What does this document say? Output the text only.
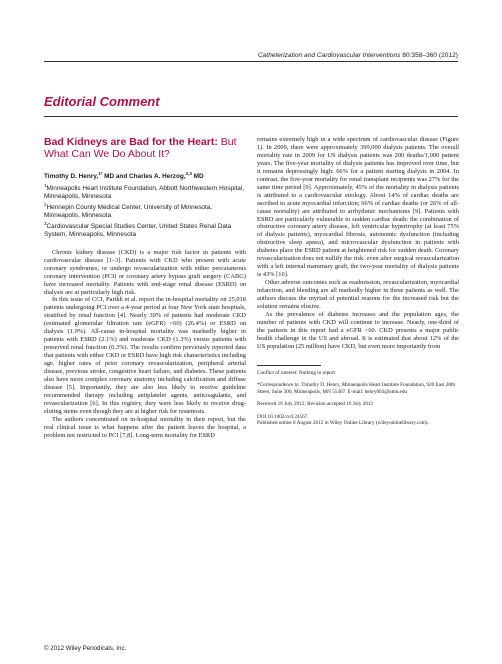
Catheterization and Cardiovascular Interventions 80:358–360 (2012)
Editorial Comment
Bad Kidneys are Bad for the Heart: But What Can We Do About It?
Timothy D. Henry,$^{1*}$ MD and Charles A. Herzog,$^{2,3}$ MD
$^1$Minneapolis Heart Institute Foundation, Abbott Northwestern Hospital, Minneapolis, Minnesota
$^2$Hennepin County Medical Center, University of Minnesota, Minneapolis, Minnesota
$^3$Cardiovascular Special Studies Center, United States Renal Data System, Minneapolis, Minnesota

Chronic kidney disease (CKD) is a major risk factor in patients with cardiovascular disease [1–3]. Patients with CKD who present with acute coronary syndromes, or undergo revascularization with either percutaneous coronary intervention (PCI) or coronary artery bypass graft surgery (CABG) have increased mortality. Patients with end-stage renal disease (ESRD) on dialysis are at particularly high risk.

In this issue of CCI, Parikh et al. report the in-hospital mortality on 25,018 patients undergoing PCI over a 4-year period at four New York state hospitals, stratified by renal function [4]. Nearly 30% of patients had moderate CKD (estimated glomerular filtration rate (eGFR) <60) (26.4%) or ESRD on dialysis (1.9%). All-cause in-hospital mortality was markedly higher in patients with ESRD (2.1%) and moderate CKD (1.3%) versus patients with preserved renal function (0.3%). The results confirm previously reported data that patients with either CKD or ESRD have high risk characteristics including age, higher rates of prior coronary revascularization, peripheral arterial disease, previous stroke, congestive heart failure, and diabetes. These patients also have more complex coronary anatomy including calcification and diffuse disease [5]. Importantly, they are also less likely to receive guideline recommended therapy including antiplatelet agents, anticoagulants, and revascularization [6]. In this registry, they were less likely to receive drug-eluting stents even though they are at higher risk for restenosis.

The authors concentrated on in-hospital mortality in their report, but the real clinical issue is what happens after the patient leaves the hospital, a problem not restricted to PCI [7,8]. Long-term mortality for ESRD

remains extremely high in a wide spectrum of cardiovascular disease (Figure 1). In 2009, there were approximately 399,000 dialysis patients. The overall mortality rate in 2009 for US dialysis patients was 200 deaths/1,000 patient years. The five-year mortality of dialysis patients has improved over time, but it remains depressingly high: 66% for a patient starting dialysis in 2004. In contrast, the five-year mortality for renal transplant recipients was 27% for the same time period [9]. Approximately, 45% of the mortality in dialysis patients is attributed to a cardiovascular etiology. About 14% of cardiac deaths are ascribed to acute myocardial infarction; 66% of cardiac deaths (or 26% of all-cause mortality) are attributed to arrhythmic mechanisms [9]. Patients with ESRD are particularly vulnerable to sudden cardiac death: the combination of obstructive coronary artery disease, left ventricular hypertrophy (at least 75% of dialysis patients), myocardial fibrosis, autonomic dysfunction (including obstructive sleep apnea), and microvascular dysfunction in patients with diabetes place the ESRD patient at heightened risk for sudden death. Coronary revascularization does not nullify the risk: even after surgical revascularization with a left internal mammary graft, the two-year mortality of dialysis patients is 43% [10].

Other adverse outcomes such as readmission, revascularization, myocardial infarction, and bleeding are all markedly higher in these patients as well. The authors discuss the myriad of potential reasons for the increased risk but the solution remains elusive.

As the prevalence of diabetes increases and the population ages, the number of patients with CKD will continue to increase. Nearly, one-third of the patients in this report had a eGFR <60. CKD presents a major public health challenge in the US and abroad. It is estimated that about 12% of the US population (25 million) have CKD, but even more importantly from

Conflict of interest: Nothing to report.

*Correspondence to: Timothy D. Henry, Minneapolis Heart Institute Foundation, 920 East 28th Street, Suite 300, Minneapolis, MN 55407. E-mail: henry003@umn.edu

Received 16 July 2012; Revision accepted 16 July 2012

DOI 10.1002/ccd.24567

Published online 8 August 2012 in Wiley Online Library (wileyonlinelibrary.com).

© 2012 Wiley Periodicals, Inc.
